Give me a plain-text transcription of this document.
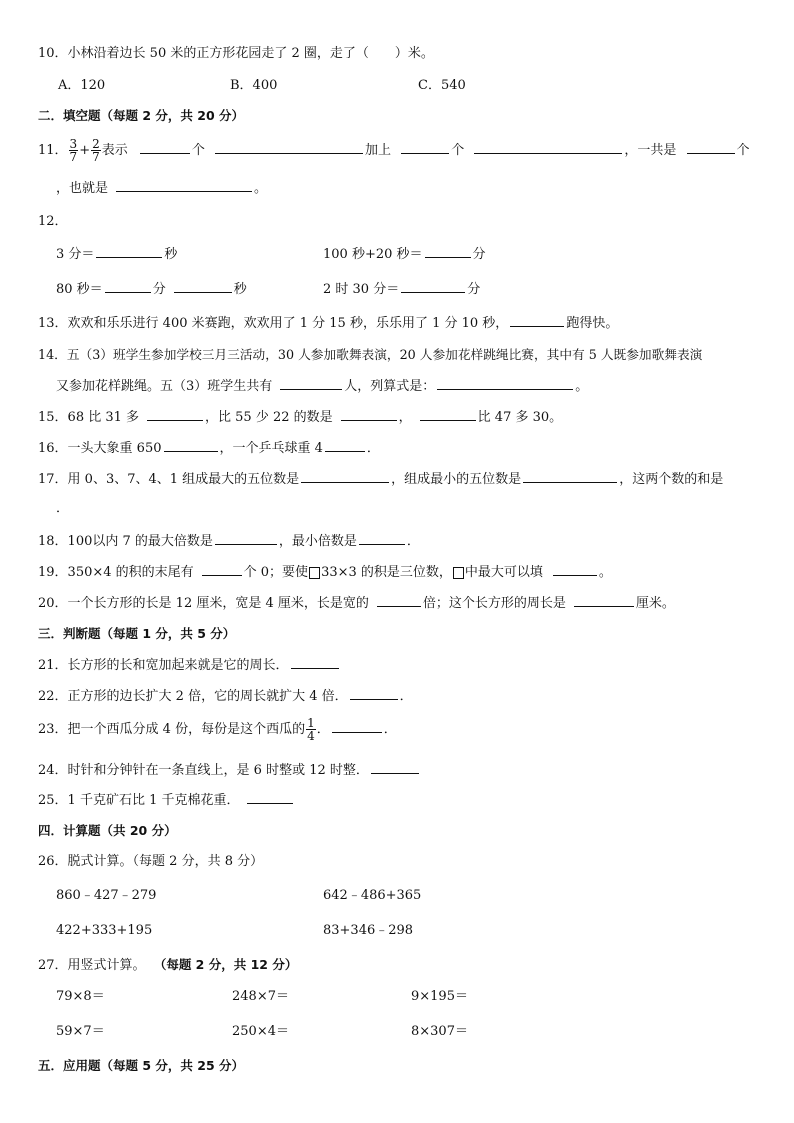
10．小林沿着边长 50 米的正方形花园走了 2 圈，走了（　　）米。
A．120	B．400	C．540
二．填空题（每题 2 分，共 20 分）
11． $\frac{3}{7} + \frac{2}{7}$ 表示	个	加上	个	，一共是	个
，也就是	。
12．
3 分＝	秒	100 秒+20 秒＝	分
80 秒＝	分	秒	2 时 30 分＝	分
13．欢欢和乐乐进行 400 米赛跑，欢欢用了 1 分 15 秒，乐乐用了 1 分 10 秒，	跑得快。
14．五（3）班学生参加学校三月三活动，30 人参加歌舞表演，20 人参加花样跳绳比赛，其中有 5 人既参加歌舞表演
又参加花样跳绳。五（3）班学生共有	人，列算式是：	。
15．68 比 31 多	，比 55 少 22 的数是	，	比 47 多 30。
16．一头大象重 650	，一个乒乓球重 4	．
17．用 0、3、7、4、1 组成最大的五位数是	，组成最小的五位数是	，这两个数的和是
．
18．100以内 7 的最大倍数是	，最小倍数是	．
19．350×4 的积的末尾有	个 0；要使 33×3 的积是三位数， 中最大可以填	。
20．一个长方形的长是 12 厘米，宽是 4 厘米，长是宽的	倍；这个长方形的周长是	厘米。
三．判断题（每题 1 分，共 5 分）
21．长方形的长和宽加起来就是它的周长．
22．正方形的边长扩大 2 倍，它的周长就扩大 4 倍．	．
23．把一个西瓜分成 4 份，每份是这个西瓜的 $\frac{1}{4}$ ．	．
24．时针和分钟针在一条直线上，是 6 时整或 12 时整．
25．1 千克矿石比 1 千克棉花重．
四．计算题（共 20 分）
26．脱式计算。（每题 2 分，共 8 分）
860﹣427﹣279	642﹣486+365
422+333+195	83+346﹣298
27．用竖式计算。 （每题 2 分，共 12 分）
79×8＝	248×7＝	9×195＝
59×7＝	250×4＝	8×307＝
五．应用题（每题 5 分，共 25 分）
